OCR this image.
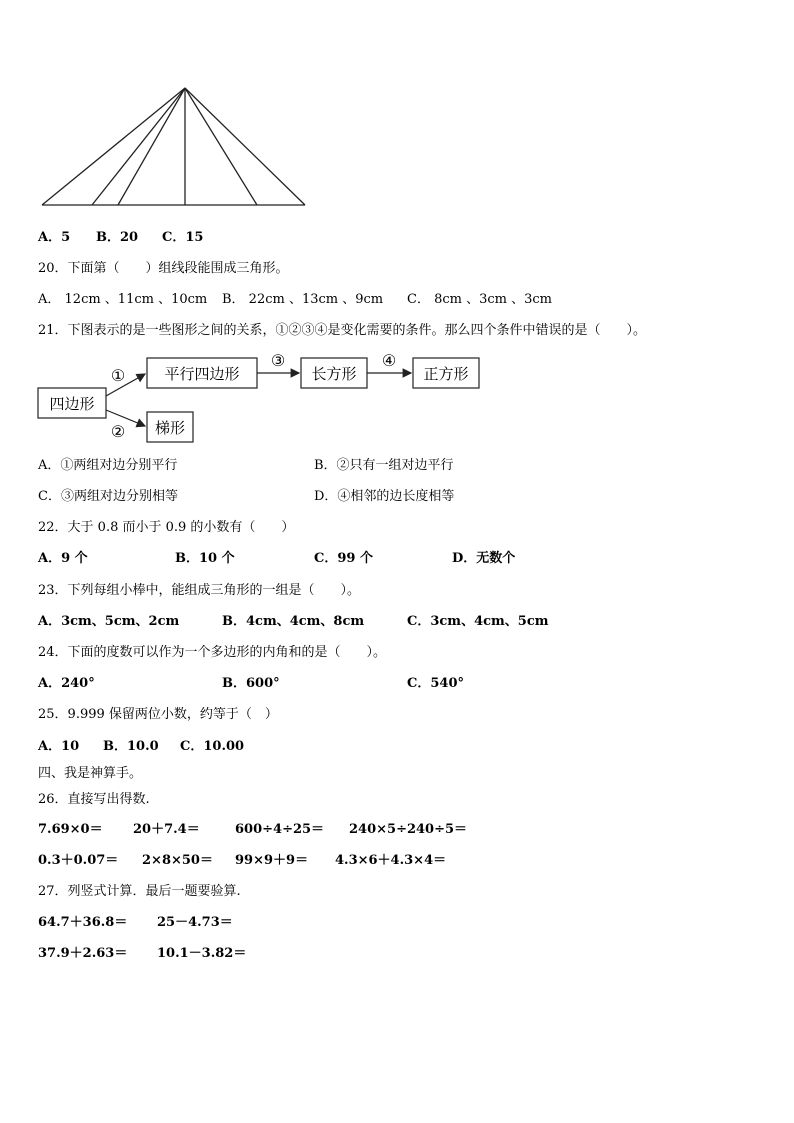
A．5 B．20 C．15
20．下面第（　　）组线段能围成三角形。
A． 12cm 、11cm 、10cm B． 22cm 、13cm 、9cm C． 8cm 、3cm 、3cm
21．下图表示的是一些图形之间的关系，①②③④是变化需要的条件。那么四个条件中错误的是（　　）。
四边形
平行四边形	长方形	正方形
梯形
①
②
③	④
A．①两组对边分别平行	B．②只有一组对边平行
C．③两组对边分别相等	D．④相邻的边长度相等
22．大于 0.8 而小于 0.9 的小数有（　　）
A．9 个	B．10 个	C．99 个	D．无数个
23．下列每组小棒中，能组成三角形的一组是（　　）。
A．3cm、5cm、2cm	B．4cm、4cm、8cm	C．3cm、4cm、5cm
24．下面的度数可以作为一个多边形的内角和的是（　　）。
A．240°	B．600°	C．540°
25．9.999 保留两位小数，约等于（　）
A．10 B．10.0 C．10.00
四、我是神算手。
26．直接写出得数.
7.69×0＝ 20＋7.4＝	600÷4÷25＝ 240×5÷240÷5＝
0.3＋0.07＝ 2×8×50＝ 99×9＋9＝ 4.3×6＋4.3×4＝
27．列竖式计算．最后一题要验算.
64.7＋36.8＝ 25－4.73＝
37.9＋2.63＝ 10.1－3.82＝
